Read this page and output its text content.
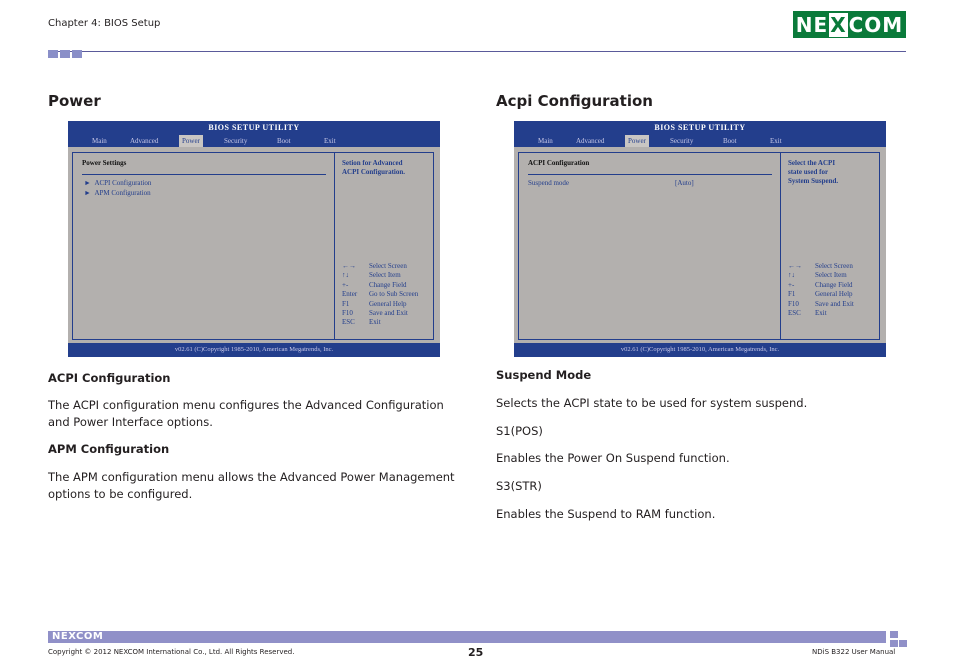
Chapter 4: BIOS Setup	NE X COM
Power
BIOS SETUP UTILITY
Main	Advanced	Power	Security	Boot	Exit
Power Settings
► ACPI Configuration
► APM Configuration
Setion for Advanced
ACPI Configuration.
←→	Select Screen
↑↓	Select Item
+-	Change Field
Enter	Go to Sub Screen
F1	General Help
F10	Save and Exit
ESC	Exit
v02.61 (C)Copyright 1985-2010, American Megatrends, Inc.
ACPI Configuration
The ACPI configuration menu configures the Advanced Configuration and Power Interface options.
APM Configuration
The APM configuration menu allows the Advanced Power Management options to be configured.
Acpi Configuration
BIOS SETUP UTILITY
Main	Advanced	Power	Security	Boot	Exit
ACPI Configuration
Suspend mode	[Auto]
Select the ACPI
state used for
System Suspend.
←→	Select Screen
↑↓	Select Item
+-	Change Field
F1	General Help
F10	Save and Exit
ESC	Exit
v02.61 (C)Copyright 1985-2010, American Megatrends, Inc.
Suspend Mode
Selects the ACPI state to be used for system suspend.
S1(POS)
Enables the Power On Suspend function.
S3(STR)
Enables the Suspend to RAM function.
NEXCOM
Copyright © 2012 NEXCOM International Co., Ltd. All Rights Reserved.	25	NDiS B322 User Manual
